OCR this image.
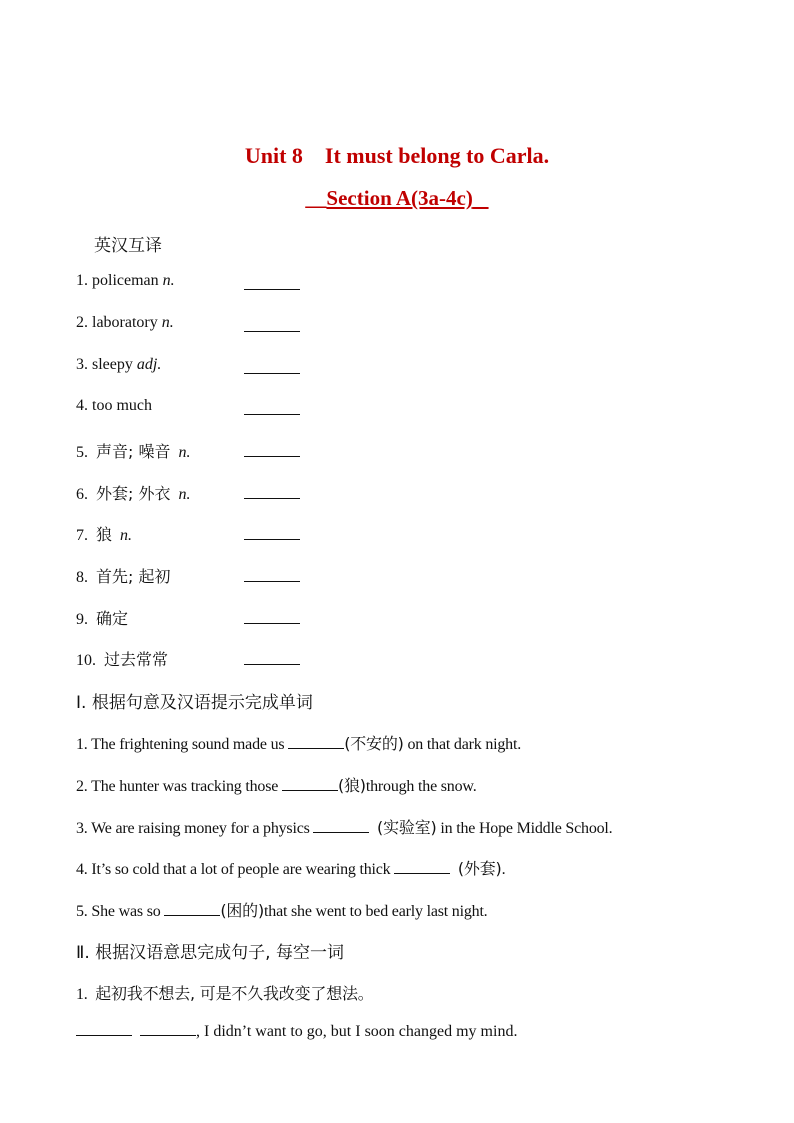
Unit 8    It must belong to Carla.
__Section A(3a-4c)
英汉互译
1. policeman n.
2. laboratory n.
3. sleepy adj.
4. too much
5. 声音; 噪音 n.
6. 外套; 外衣 n.
7. 狼 n.
8. 首先; 起初
9. 确定
10. 过去常常
Ⅰ. 根据句意及汉语提示完成单词
1. The frightening sound made us	(不安的) on that dark night.
2. The hunter was tracking those	(狼)through the snow.
3. We are raising money for a physics	(实验室) in the Hope Middle School.
4. It’s so cold that a lot of people are wearing thick	(外套).
5. She was so	(困的)that she went to bed early last night.
Ⅱ. 根据汉语意思完成句子, 每空一词
1. 起初我不想去, 可是不久我改变了想法。
, I didn’t want to go, but I soon changed my mind.
